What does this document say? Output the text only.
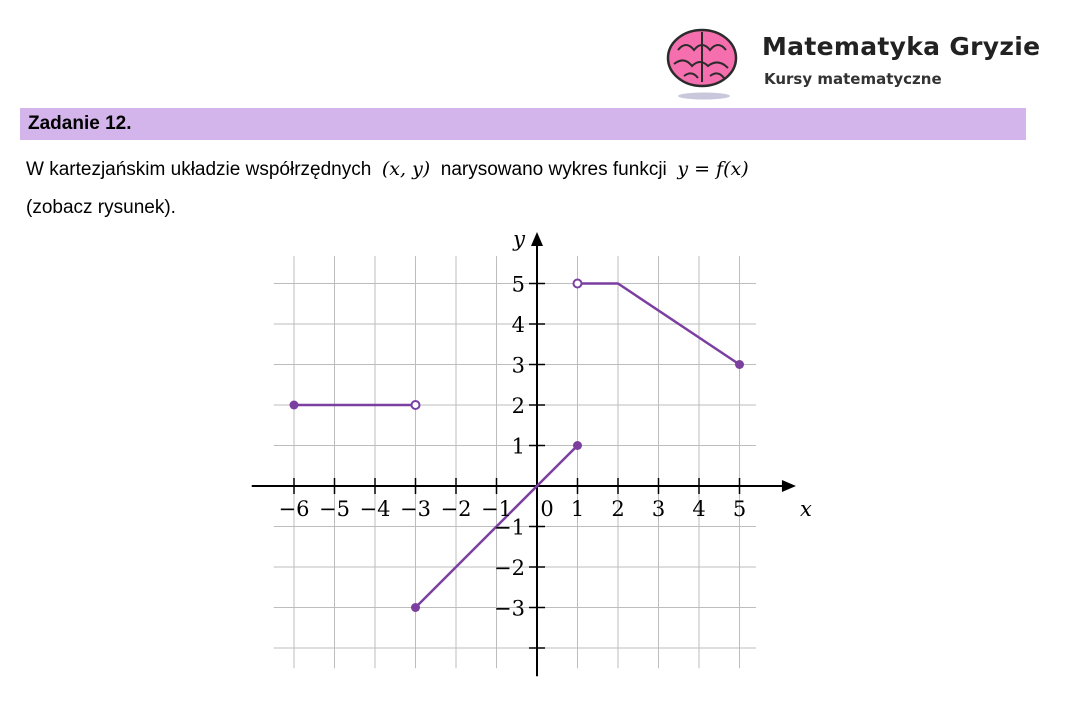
Matematyka Gryzie
Kursy matematyczne
Zadanie 12.
W kartezjańskim układzie współrzędnych (x, y) narysowano wykres funkcji y = f(x)
(zobacz rysunek).
−6 −5 −4 −3 −2 −1 0 1 2 3 4 5
−3
−2
−1
1
2
3
4
5
x
y
